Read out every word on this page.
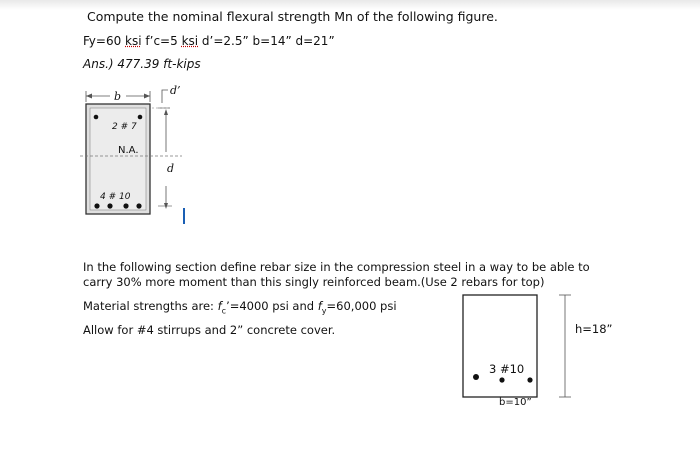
Compute the nominal flexural strength Mn of the following figure.
Fy=60 ksi f’c=5 ksi d’=2.5” b=14” d=21”
Ans.) 477.39 ft-kips
b	d’
2 # 7
N.A.
d
4 # 10
In the following section define rebar size in the compression steel in a way to be able to
carry 30% more moment than this singly reinforced beam.(Use 2 rebars for top)
Material strengths are: $f_c’=4000$ psi and $f_y=60,000$ psi
Allow for #4 stirrups and 2” concrete cover.
3 #10
b=10”
h=18”
